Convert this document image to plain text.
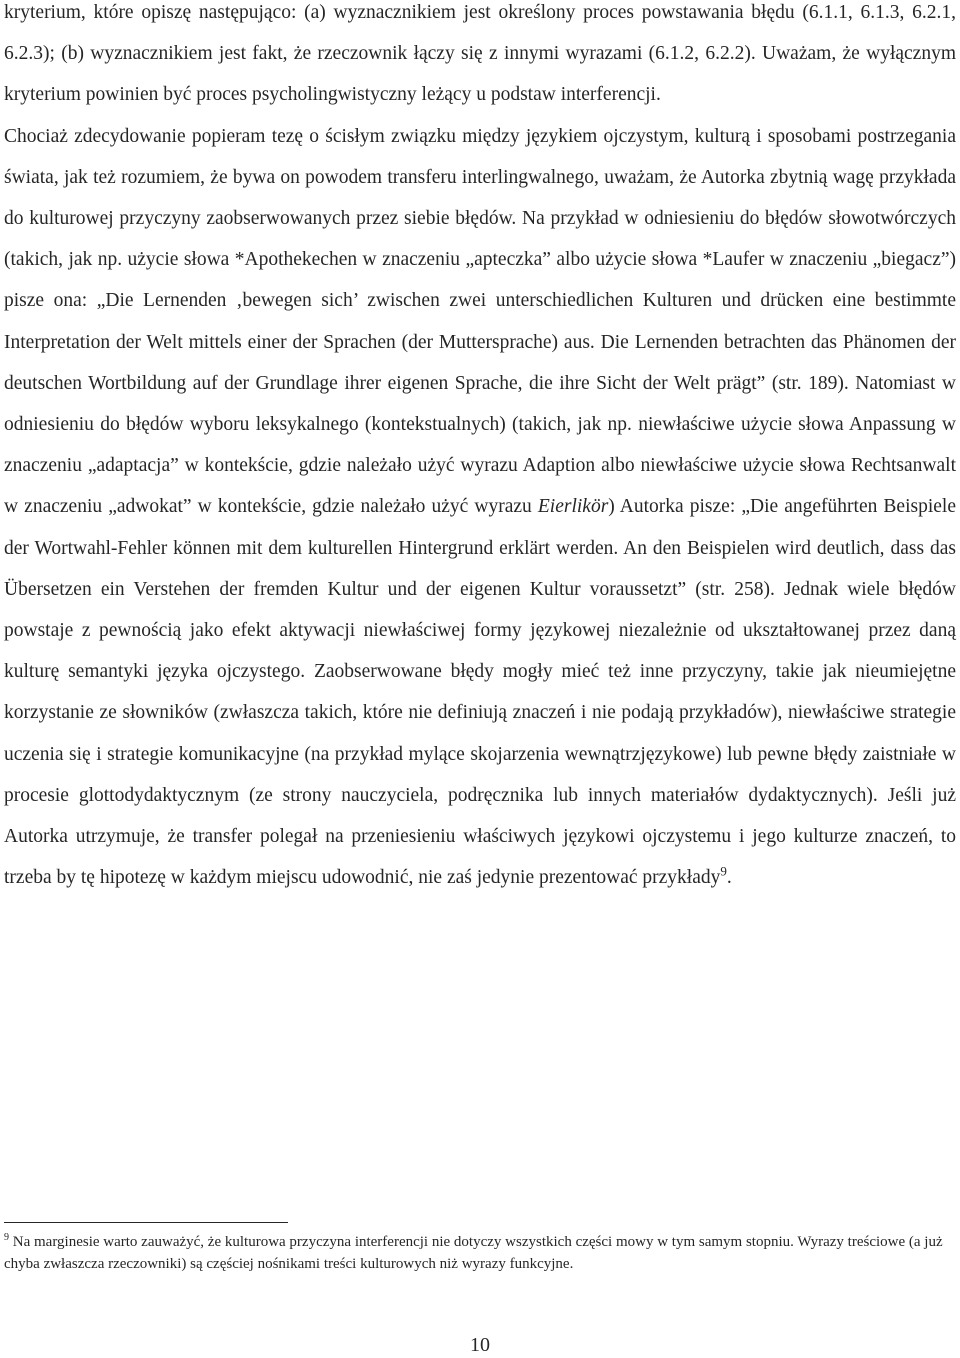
kryterium, które opiszę następująco: (a) wyznacznikiem jest określony proces powstawania błędu (6.1.1, 6.1.3, 6.2.1, 6.2.3); (b) wyznacznikiem jest fakt, że rzeczownik łączy się z innymi wyrazami (6.1.2, 6.2.2). Uważam, że wyłącznym kryterium powinien być proces psycholingwistyczny leżący u podstaw interferencji.

Chociaż zdecydowanie popieram tezę o ścisłym związku między językiem ojczystym, kulturą i sposobami postrzegania świata, jak też rozumiem, że bywa on powodem transferu interlingwalnego, uważam, że Autorka zbytnią wagę przykłada do kulturowej przyczyny zaobserwowanych przez siebie błędów. Na przykład w odniesieniu do błędów słowotwórczych (takich, jak np. użycie słowa *Apothekechen w znaczeniu „apteczka” albo użycie słowa *Laufer w znaczeniu „biegacz”) pisze ona: „Die Lernenden ‚bewegen sich’ zwischen zwei unterschiedlichen Kulturen und drücken eine bestimmte Interpretation der Welt mittels einer der Sprachen (der Muttersprache) aus. Die Lernenden betrachten das Phänomen der deutschen Wortbildung auf der Grundlage ihrer eigenen Sprache, die ihre Sicht der Welt prägt” (str. 189). Natomiast w odniesieniu do błędów wyboru leksykalnego (kontekstualnych) (takich, jak np. niewłaściwe użycie słowa Anpassung w znaczeniu „adaptacja” w kontekście, gdzie należało użyć wyrazu Adaption albo niewłaściwe użycie słowa Rechtsanwalt w znaczeniu „adwokat” w kontekście, gdzie należało użyć wyrazu Eierlikör) Autorka pisze: „Die angeführten Beispiele der Wortwahl-Fehler können mit dem kulturellen Hintergrund erklärt werden. An den Beispielen wird deutlich, dass das Übersetzen ein Verstehen der fremden Kultur und der eigenen Kultur voraussetzt” (str. 258). Jednak wiele błędów powstaje z pewnością jako efekt aktywacji niewłaściwej formy językowej niezależnie od ukształtowanej przez daną kulturę semantyki języka ojczystego. Zaobserwowane błędy mogły mieć też inne przyczyny, takie jak nieumiejętne korzystanie ze słowników (zwłaszcza takich, które nie definiują znaczeń i nie podają przykładów), niewłaściwe strategie uczenia się i strategie komunikacyjne (na przykład mylące skojarzenia wewnątrzjęzykowe) lub pewne błędy zaistniałe w procesie glottodydaktycznym (ze strony nauczyciela, podręcznika lub innych materiałów dydaktycznych). Jeśli już Autorka utrzymuje, że transfer polegał na przeniesieniu właściwych językowi ojczystemu i jego kulturze znaczeń, to trzeba by tę hipotezę w każdym miejscu udowodnić, nie zaś jedynie prezentować przykłady$^9$.

$^9$ Na marginesie warto zauważyć, że kulturowa przyczyna interferencji nie dotyczy wszystkich części mowy w tym samym stopniu. Wyrazy treściowe (a już chyba zwłaszcza rzeczowniki) są częściej nośnikami treści kulturowych niż wyrazy funkcyjne.
10
